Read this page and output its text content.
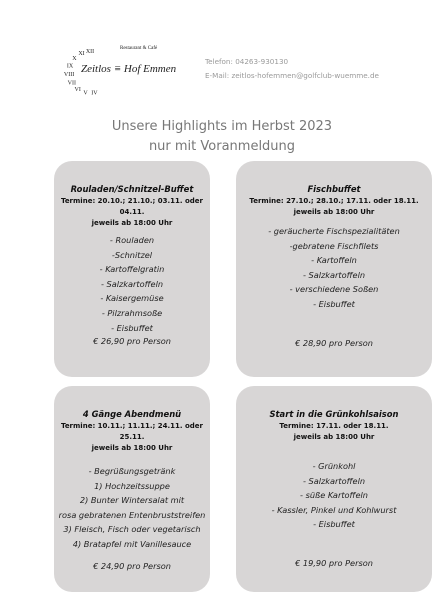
XII
XI
X
IX
VIII
VII
VI
V IV
Restaurant & Café
Zeitlos ≡ Hof Emmen
Telefon: 04263-930130
E-Mail: zeitlos-hofemmen@golfclub-wuemme.de
Unsere Highlights im Herbst 2023
nur mit Voranmeldung
Rouladen/Schnitzel-Buffet
Termine: 20.10.; 21.10.; 03.11. oder 04.11.
jeweils ab 18:00 Uhr
- Rouladen
-Schnitzel
- Kartoffelgratin
- Salzkartoffeln
- Kaisergemüse
- Pilzrahmsoße
- Eisbuffet
€ 26,90 pro Person
Fischbuffet
Termine: 27.10.; 28.10.; 17.11. oder 18.11.
jeweils ab 18:00 Uhr
- geräucherte Fischspezialitäten
-gebratene Fischfilets
- Kartoffeln
- Salzkartoffeln
- verschiedene Soßen
- Eisbuffet
€ 28,90 pro Person
4 Gänge Abendmenü
Termine: 10.11.; 11.11.; 24.11. oder 25.11.
jeweils ab 18:00 Uhr
- Begrüßungsgetränk
1) Hochzeitssuppe
2) Bunter Wintersalat mit
rosa gebratenen Entenbruststreifen
3) Fleisch, Fisch oder vegetarisch
4) Bratapfel mit Vanillesauce
€ 24,90 pro Person
Start in die Grünkohlsaison
Termine: 17.11. oder 18.11.
jeweils ab 18:00 Uhr
- Grünkohl
- Salzkartoffeln
- süße Kartoffeln
- Kassler, Pinkel und Kohlwurst
- Eisbuffet
€ 19,90 pro Person
